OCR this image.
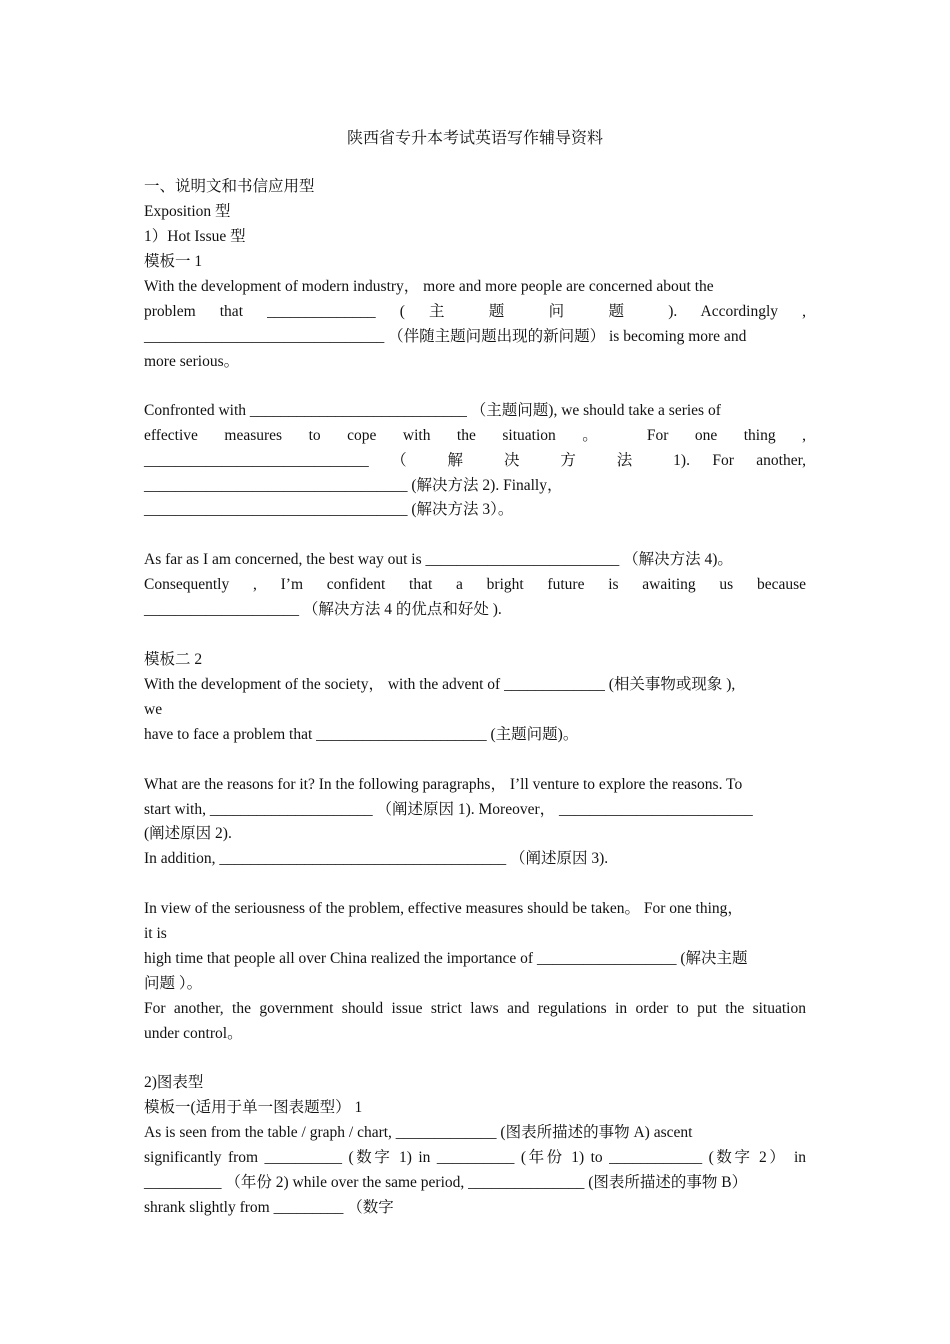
陕西省专升本考试英语写作辅导资料
一、说明文和书信应用型
Exposition 型
1）Hot Issue 型
模板一 1
With the development of modern industry， more and more people are concerned about the
problem that ______________ ( 主 题 问 题 ). Accordingly ,
_______________________________ （伴随主题问题出现的新问题） is becoming more and
more serious。
Confronted with ____________________________ （主题问题), we should take a series of
effective measures to cope with the situation 。 For one thing ,
_____________________________ （ 解 决 方 法 1). For another,
__________________________________ (解决方法 2). Finally，
__________________________________ (解决方法 3）。
As far as I am concerned, the best way out is _________________________ （解决方法 4)。
Consequently , I’m confident that a bright future is awaiting us because
____________________ （解决方法 4 的优点和好处 ).
模板二 2
With the development of the society， with the advent of _____________ (相关事物或现象 ),
we
have to face a problem that ______________________ (主题问题)。
What are the reasons for it? In the following paragraphs， I’ll venture to explore the reasons. To
start with, _____________________ （阐述原因 1). Moreover， _________________________
(阐述原因 2).
In addition, _____________________________________ （阐述原因 3).
In view of the seriousness of the problem, effective measures should be taken。 For one thing，
it is
high time that people all over China realized the importance of __________________ (解决主题
问题 ）。
For another, the government should issue strict laws and regulations in order to put the situation
under control。
2)图表型
模板一(适用于单一图表题型） 1
As is seen from the table / graph / chart, _____________ (图表所描述的事物 A) ascent
significantly from __________ (数字 1) in __________ (年份 1) to ____________ (数字 2） in
__________ （年份 2) while over the same period, _______________ (图表所描述的事物 B）
shrank slightly from _________ （数字
